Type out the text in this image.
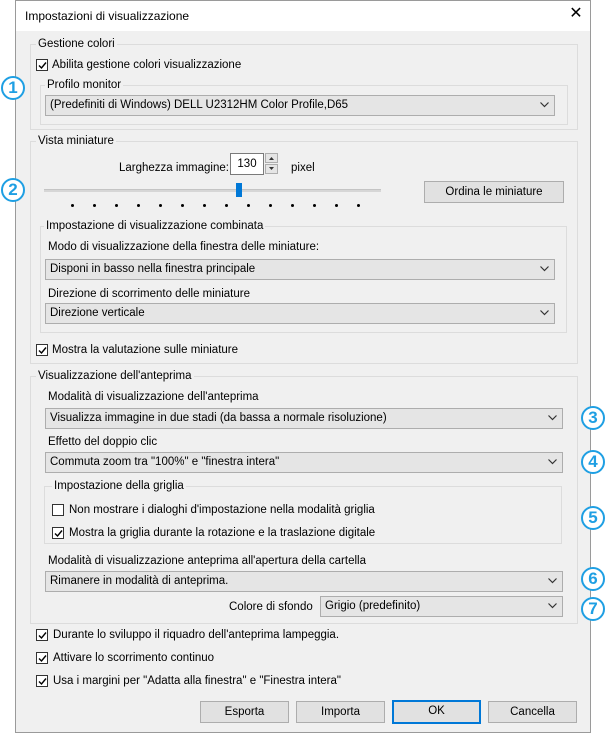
Impostazioni di visualizzazione	✕
Gestione colori
Abilita gestione colori visualizzazione
Profilo monitor
(Predefiniti di Windows) DELL U2312HM Color Profile,D65
Vista miniature
Larghezza immagine: 130	pixel
Ordina le miniature
Impostazione di visualizzazione combinata
Modo di visualizzazione della finestra delle miniature:
Disponi in basso nella finestra principale
Direzione di scorrimento delle miniature
Direzione verticale
Mostra la valutazione sulle miniature
Visualizzazione dell'anteprima
Modalità di visualizzazione dell'anteprima
Visualizza immagine in due stadi (da bassa a normale risoluzione)
Effetto del doppio clic
Commuta zoom tra "100%" e "finestra intera"
Impostazione della griglia
Non mostrare i dialoghi d'impostazione nella modalità griglia
Mostra la griglia durante la rotazione e la traslazione digitale
Modalità di visualizzazione anteprima all'apertura della cartella
Rimanere in modalità di anteprima.
Colore di sfondo	Grigio (predefinito)
Durante lo sviluppo il riquadro dell'anteprima lampeggia.
Attivare lo scorrimento continuo
Usa i margini per "Adatta alla finestra" e "Finestra intera"
Esporta	Importa	OK	Cancella
1
2
3
4
5
6
7
